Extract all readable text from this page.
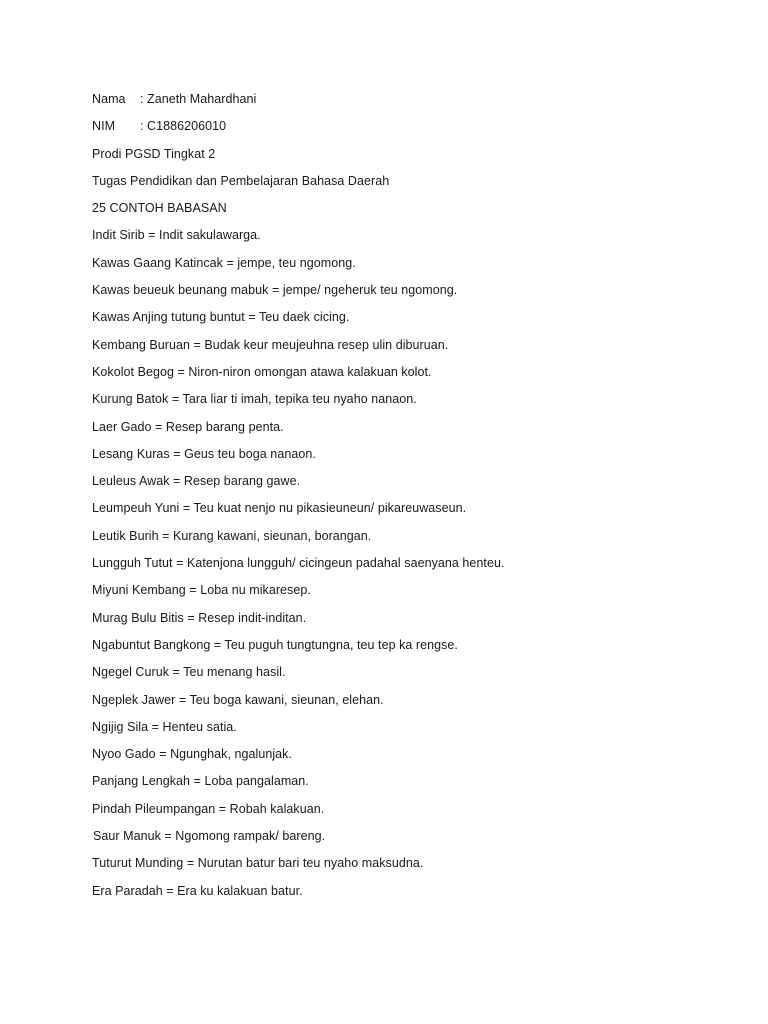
Nama	: Zaneth Mahardhani
NIM	: C1886206010
Prodi PGSD Tingkat 2
Tugas Pendidikan dan Pembelajaran Bahasa Daerah
25 CONTOH BABASAN
Indit Sirib = Indit sakulawarga.
Kawas Gaang Katincak = jempe, teu ngomong.
Kawas beueuk beunang mabuk = jempe/ ngeheruk teu ngomong.
Kawas Anjing tutung buntut = Teu daek cicing.
Kembang Buruan = Budak keur meujeuhna resep ulin diburuan.
Kokolot Begog = Niron-niron omongan atawa kalakuan kolot.
Kurung Batok = Tara liar ti imah, tepika teu nyaho nanaon.
Laer Gado = Resep barang penta.
Lesang Kuras = Geus teu boga nanaon.
Leuleus Awak = Resep barang gawe.
Leumpeuh Yuni = Teu kuat nenjo nu pikasieuneun/ pikareuwaseun.
Leutik Burih = Kurang kawani, sieunan, borangan.
Lungguh Tutut = Katenjona lungguh/ cicingeun padahal saenyana henteu.
Miyuni Kembang = Loba nu mikaresep.
Murag Bulu Bitis = Resep indit-inditan.
Ngabuntut Bangkong = Teu puguh tungtungna, teu tep ka rengse.
Ngegel Curuk = Teu menang hasil.
Ngeplek Jawer = Teu boga kawani, sieunan, elehan.
Ngijig Sila = Henteu satia.
Nyoo Gado = Ngunghak, ngalunjak.
Panjang Lengkah = Loba pangalaman.
Pindah Pileumpangan = Robah kalakuan.
Saur Manuk = Ngomong rampak/ bareng.
Tuturut Munding = Nurutan batur bari teu nyaho maksudna.
Era Paradah = Era ku kalakuan batur.
